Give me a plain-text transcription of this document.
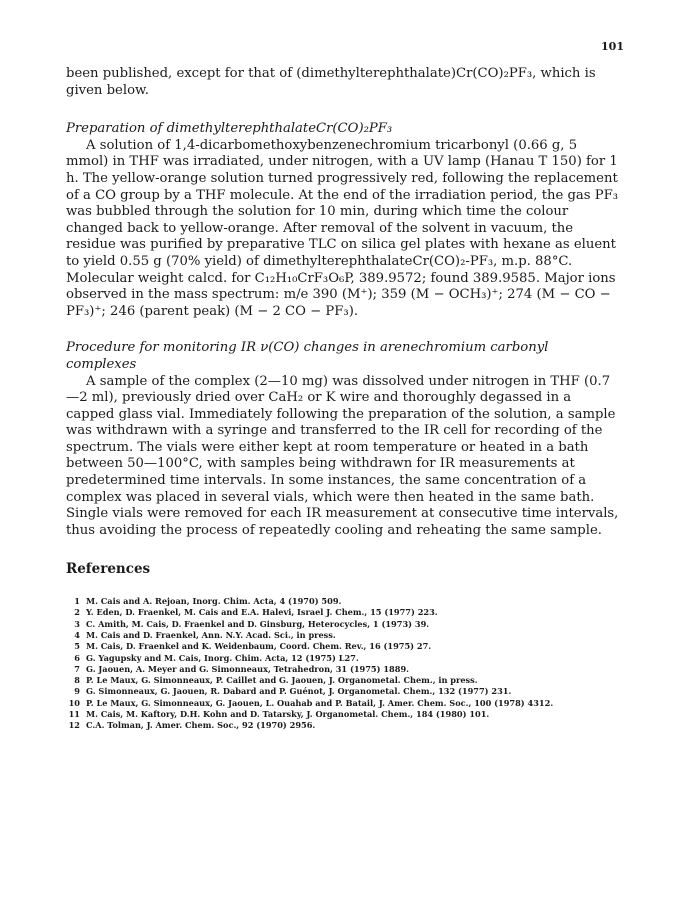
101

been published, except for that of (dimethylterephthalate)Cr(CO)₂PF₃, which is given below.

Preparation of dimethylterephthalateCr(CO)₂PF₃

A solution of 1,4-dicarbomethoxybenzenechromium tricarbonyl (0.66 g, 5 mmol) in THF was irradiated, under nitrogen, with a UV lamp (Hanau T 150) for 1 h. The yellow-orange solution turned progressively red, following the replacement of a CO group by a THF molecule. At the end of the irradiation period, the gas PF₃ was bubbled through the solution for 10 min, during which time the colour changed back to yellow-orange. After removal of the solvent in vacuum, the residue was purified by preparative TLC on silica gel plates with hexane as eluent to yield 0.55 g (70% yield) of dimethylterephthalateCr(CO)₂-PF₃, m.p. 88°C. Molecular weight calcd. for C₁₂H₁₀CrF₃O₆P, 389.9572; found 389.9585. Major ions observed in the mass spectrum: m/e 390 (M⁺); 359 (M − OCH₃)⁺; 274 (M − CO − PF₃)⁺; 246 (parent peak) (M − 2 CO − PF₃).

Procedure for monitoring IR ν(CO) changes in arenechromium carbonyl complexes

A sample of the complex (2—10 mg) was dissolved under nitrogen in THF (0.7—2 ml), previously dried over CaH₂ or K wire and thoroughly degassed in a capped glass vial. Immediately following the preparation of the solution, a sample was withdrawn with a syringe and transferred to the IR cell for recording of the spectrum. The vials were either kept at room temperature or heated in a bath between 50—100°C, with samples being withdrawn for IR measurements at predetermined time intervals. In some instances, the same concentration of a complex was placed in several vials, which were then heated in the same bath. Single vials were removed for each IR measurement at consecutive time intervals, thus avoiding the process of repeatedly cooling and reheating the same sample.

References

1 M. Cais and A. Rejoan, Inorg. Chim. Acta, 4 (1970) 509.
2 Y. Eden, D. Fraenkel, M. Cais and E.A. Halevi, Israel J. Chem., 15 (1977) 223.
3 C. Amith, M. Cais, D. Fraenkel and D. Ginsburg, Heterocycles, 1 (1973) 39.
4 M. Cais and D. Fraenkel, Ann. N.Y. Acad. Sci., in press.
5 M. Cais, D. Fraenkel and K. Weidenbaum, Coord. Chem. Rev., 16 (1975) 27.
6 G. Yagupsky and M. Cais, Inorg. Chim. Acta, 12 (1975) L27.
7 G. Jaouen, A. Meyer and G. Simonneaux, Tetrahedron, 31 (1975) 1889.
8 P. Le Maux, G. Simonneaux, P. Caillet and G. Jaouen, J. Organometal. Chem., in press.
9 G. Simonneaux, G. Jaouen, R. Dabard and P. Guénot, J. Organometal. Chem., 132 (1977) 231.
10 P. Le Maux, G. Simonneaux, G. Jaouen, L. Ouahab and P. Batail, J. Amer. Chem. Soc., 100 (1978) 4312.
11 M. Cais, M. Kaftory, D.H. Kohn and D. Tatarsky, J. Organometal. Chem., 184 (1980) 101.
12 C.A. Tolman, J. Amer. Chem. Soc., 92 (1970) 2956.
